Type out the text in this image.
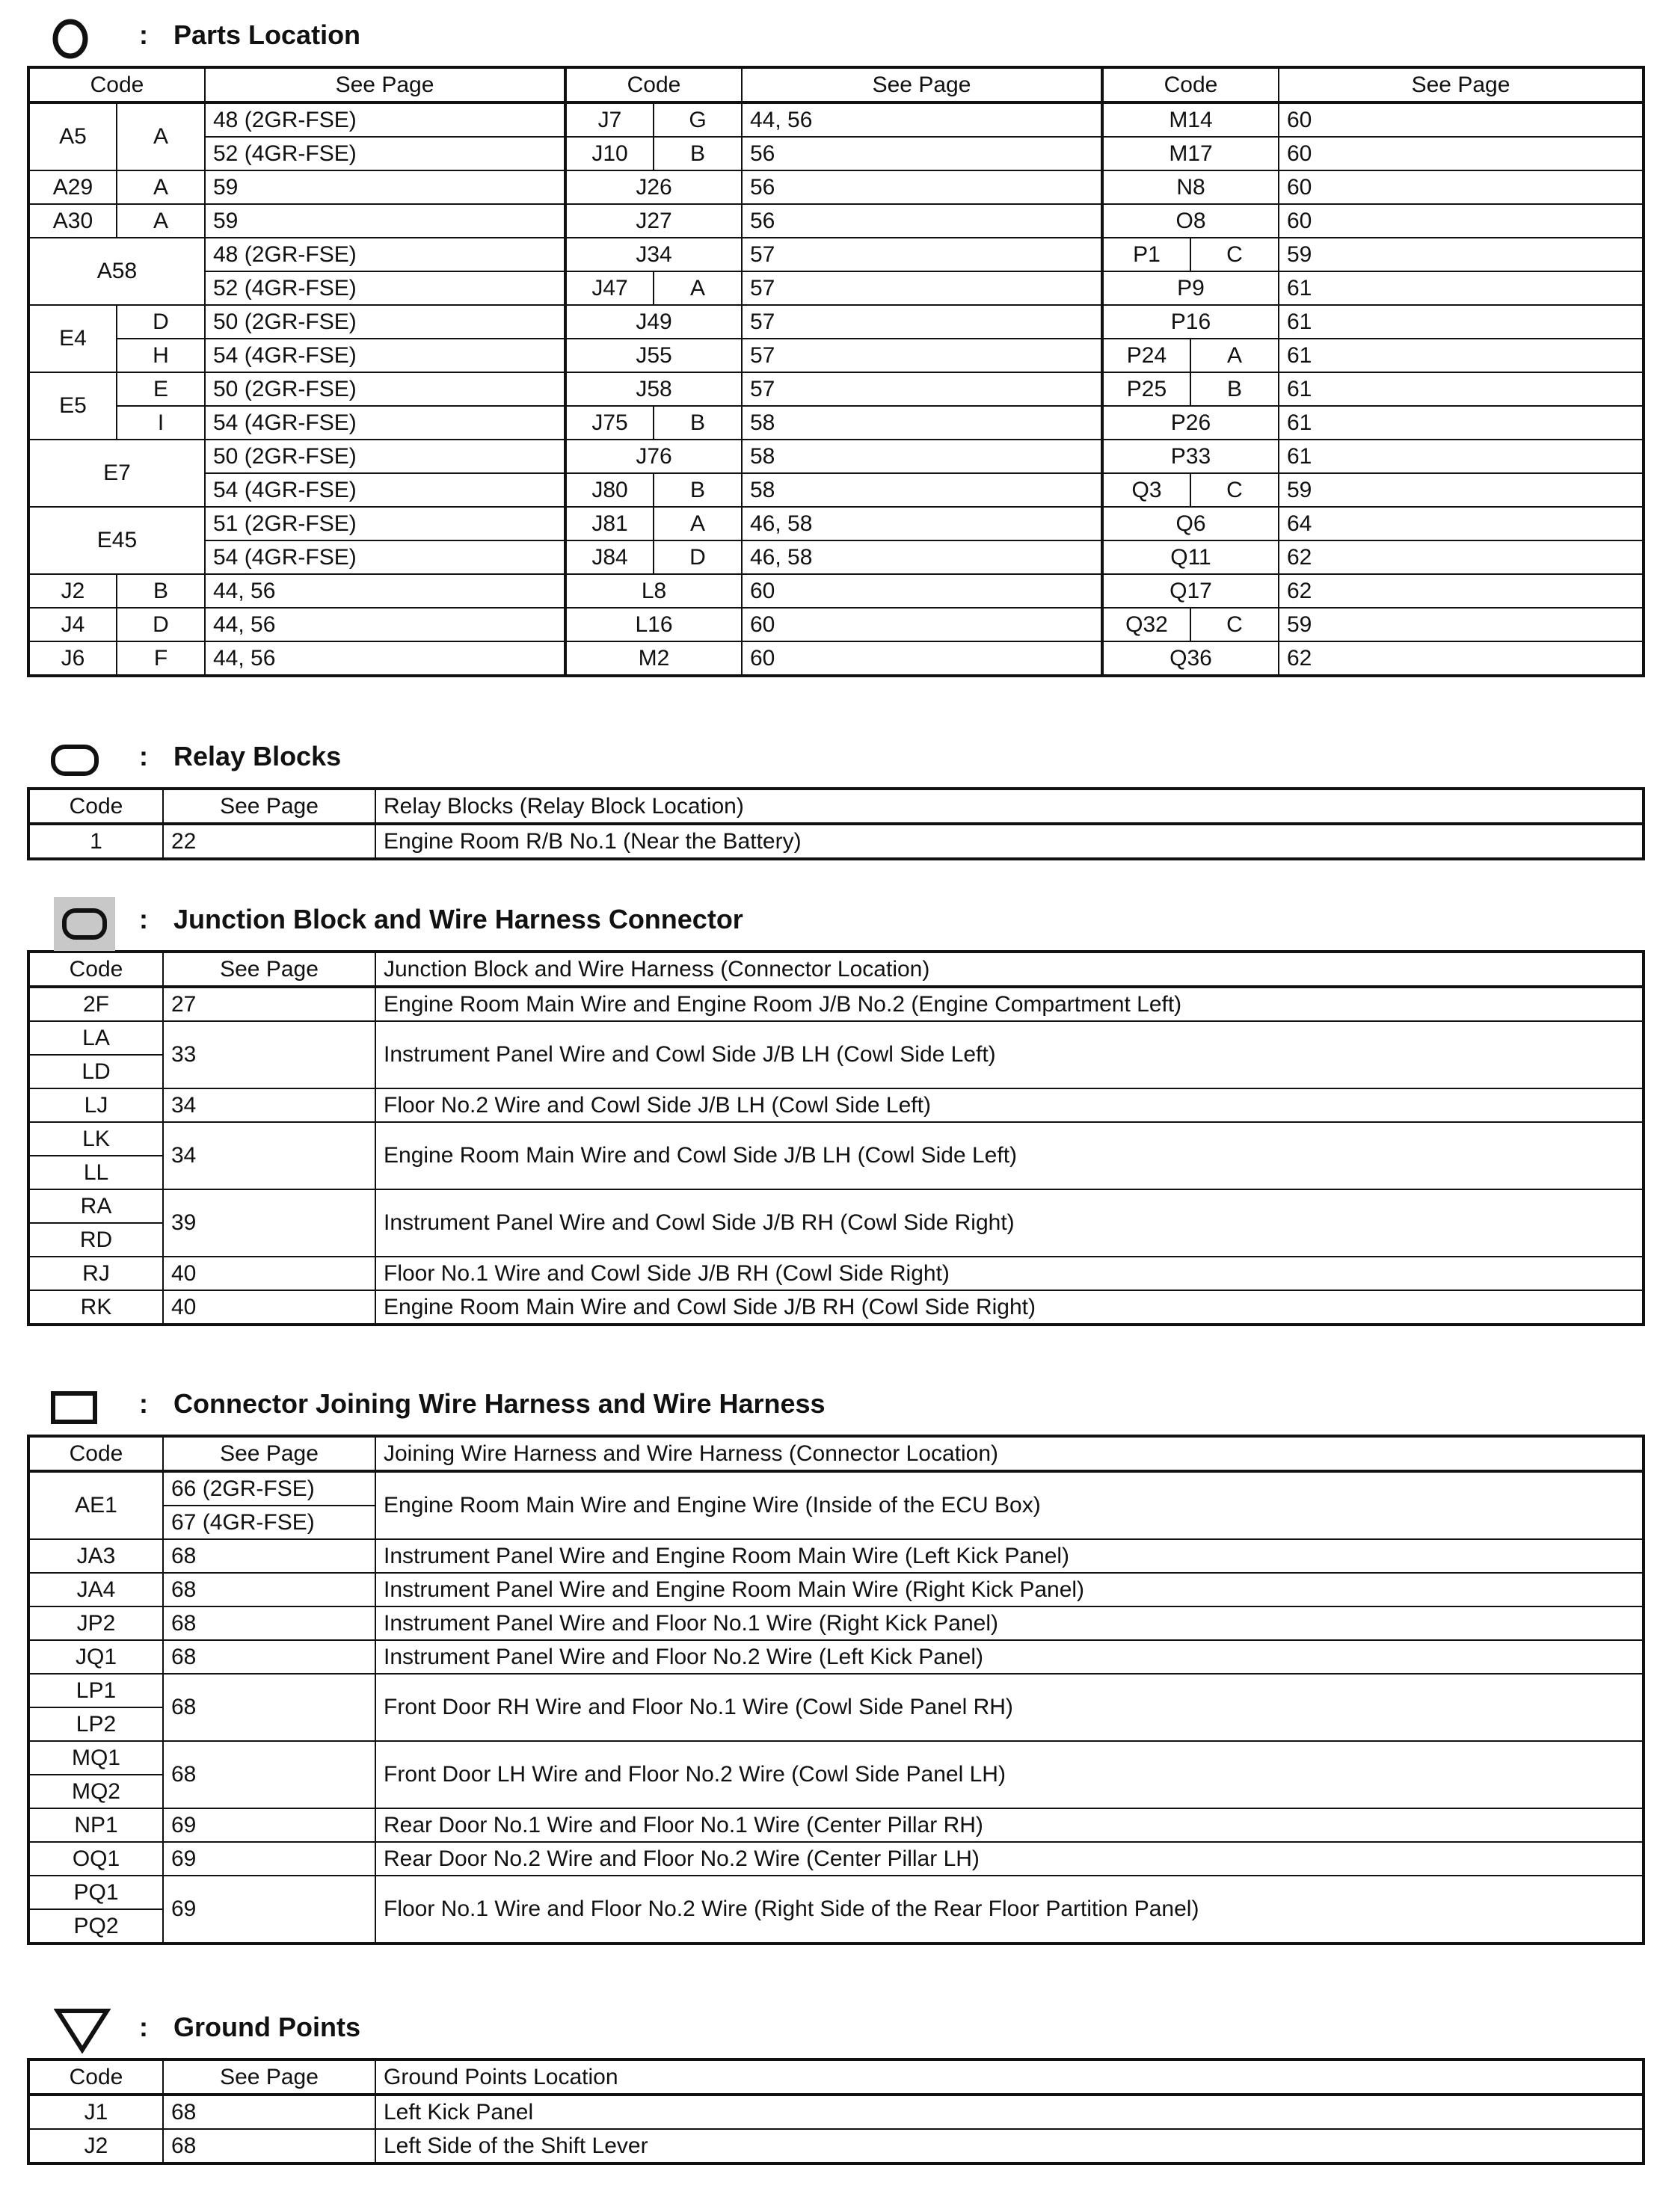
: Parts Location
Code		See Page	Code		See Page	Code		See Page
A5	A	48 (2GR-FSE)	J7	G	44, 56	M14		60
		52 (4GR-FSE)	J10	B	56	M17		60
A29	A	59	J26		56	N8		60
A30	A	59	J27		56	O8		60
A58		48 (2GR-FSE)	J34		57	P1	C	59
		52 (4GR-FSE)	J47	A	57	P9		61
E4	D	50 (2GR-FSE)	J49		57	P16		61
	H	54 (4GR-FSE)	J55		57	P24	A	61
E5	E	50 (2GR-FSE)	J58		57	P25	B	61
	I	54 (4GR-FSE)	J75	B	58	P26		61
E7		50 (2GR-FSE)	J76		58	P33		61
		54 (4GR-FSE)	J80	B	58	Q3	C	59
E45		51 (2GR-FSE)	J81	A	46, 58	Q6		64
		54 (4GR-FSE)	J84	D	46, 58	Q11		62
J2	B	44, 56	L8		60	Q17		62
J4	D	44, 56	L16		60	Q32	C	59
J6	F	44, 56	M2		60	Q36		62
: Relay Blocks
Code	See Page	Relay Blocks (Relay Block Location)
1	22	Engine Room R/B No.1 (Near the Battery)
: Junction Block and Wire Harness Connector
Code	See Page	Junction Block and Wire Harness (Connector Location)
2F	27	Engine Room Main Wire and Engine Room J/B No.2 (Engine Compartment Left)
LA	33	Instrument Panel Wire and Cowl Side J/B LH (Cowl Side Left)
LD		
LJ	34	Floor No.2 Wire and Cowl Side J/B LH (Cowl Side Left)
LK	34	Engine Room Main Wire and Cowl Side J/B LH (Cowl Side Left)
LL		
RA	39	Instrument Panel Wire and Cowl Side J/B RH (Cowl Side Right)
RD		
RJ	40	Floor No.1 Wire and Cowl Side J/B RH (Cowl Side Right)
RK	40	Engine Room Main Wire and Cowl Side J/B RH (Cowl Side Right)
: Connector Joining Wire Harness and Wire Harness
Code	See Page	Joining Wire Harness and Wire Harness (Connector Location)
AE1	66 (2GR-FSE)	Engine Room Main Wire and Engine Wire (Inside of the ECU Box)
	67 (4GR-FSE)	
JA3	68	Instrument Panel Wire and Engine Room Main Wire (Left Kick Panel)
JA4	68	Instrument Panel Wire and Engine Room Main Wire (Right Kick Panel)
JP2	68	Instrument Panel Wire and Floor No.1 Wire (Right Kick Panel)
JQ1	68	Instrument Panel Wire and Floor No.2 Wire (Left Kick Panel)
LP1	68	Front Door RH Wire and Floor No.1 Wire (Cowl Side Panel RH)
LP2		
MQ1	68	Front Door LH Wire and Floor No.2 Wire (Cowl Side Panel LH)
MQ2		
NP1	69	Rear Door No.1 Wire and Floor No.1 Wire (Center Pillar RH)
OQ1	69	Rear Door No.2 Wire and Floor No.2 Wire (Center Pillar LH)
PQ1	69	Floor No.1 Wire and Floor No.2 Wire (Right Side of the Rear Floor Partition Panel)
PQ2		
: Ground Points
Code	See Page	Ground Points Location
J1	68	Left Kick Panel
J2	68	Left Side of the Shift Lever
